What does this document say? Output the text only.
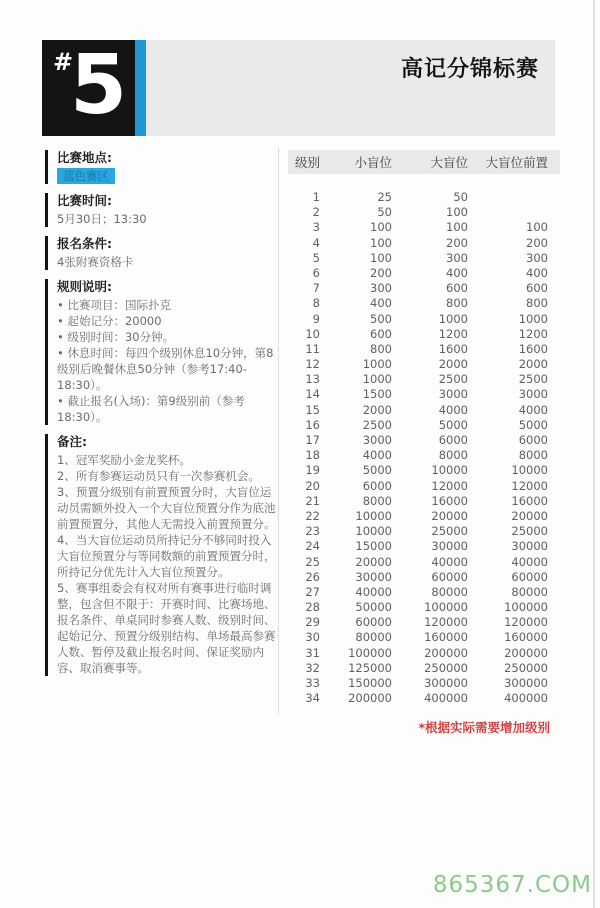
#
5	高记分锦标赛
比赛地点:
蓝色赛区
比赛时间:
5月30日；13:30
报名条件:
4张附赛资格卡
规则说明:
• 比赛项目：国际扑克
• 起始记分：20000
• 级别时间：30分钟。
• 休息时间：每四个级别休息10分钟，第8级别后晚餐休息50分钟（参考17:40-18:30）。
• 截止报名(入场)：第9级别前（参考18:30）。
备注:
1、冠军奖励小金龙奖杯。
2、所有参赛运动员只有一次参赛机会。
3、预置分级别有前置预置分时，大盲位运动员需额外投入一个大盲位预置分作为底池前置预置分，其他人无需投入前置预置分。
4、当大盲位运动员所持记分不够同时投入大盲位预置分与等同数额的前置预置分时，所持记分优先计入大盲位预置分。
5、赛事组委会有权对所有赛事进行临时调整，包含但不限于：开赛时间、比赛场地、报名条件、单桌同时参赛人数、级别时间、起始记分、预置分级别结构、单场最高参赛人数、暂停及截止报名时间、保证奖励内容、取消赛事等。
级别	小盲位	大盲位	大盲位前置
1	25	50
2	50	100
3	100	100	100
4	100	200	200
5	100	300	300
6	200	400	400
7	300	600	600
8	400	800	800
9	500	1000	1000
10	600	1200	1200
11	800	1600	1600
12	1000	2000	2000
13	1000	2500	2500
14	1500	3000	3000
15	2000	4000	4000
16	2500	5000	5000
17	3000	6000	6000
18	4000	8000	8000
19	5000	10000	10000
20	6000	12000	12000
21	8000	16000	16000
22	10000	20000	20000
23	10000	25000	25000
24	15000	30000	30000
25	20000	40000	40000
26	30000	60000	60000
27	40000	80000	80000
28	50000	100000	100000
29	60000	120000	120000
30	80000	160000	160000
31	100000	200000	200000
32	125000	250000	250000
33	150000	300000	300000
34	200000	400000	400000
*根据实际需要增加级别
865367.COM
